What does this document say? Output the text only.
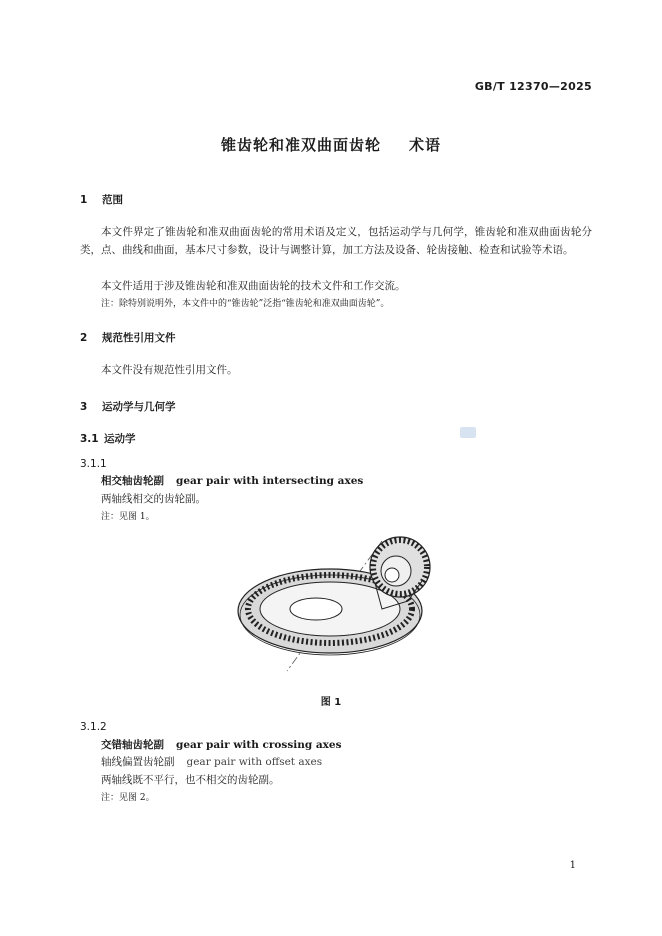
GB/T 12370—2025
锥齿轮和准双曲面齿轮 术语
1 范围
本文件界定了锥齿轮和准双曲面齿轮的常用术语及定义，包括运动学与几何学，锥齿轮和准双曲面齿轮分类，点、曲线和曲面，基本尺寸参数，设计与调整计算，加工方法及设备、轮齿接触、检查和试验等术语。
本文件适用于涉及锥齿轮和准双曲面齿轮的技术文件和工作交流。
注：除特别说明外，本文件中的“锥齿轮”泛指“锥齿轮和准双曲面齿轮”。
2 规范性引用文件
本文件没有规范性引用文件。
3 运动学与几何学
3.1 运动学
3.1.1
相交轴齿轮副 gear pair with intersecting axes
两轴线相交的齿轮副。
注：见图 1。
图 1
3.1.2
交错轴齿轮副 gear pair with crossing axes
轴线偏置齿轮副 gear pair with offset axes
两轴线既不平行，也不相交的齿轮副。
注：见图 2。
1
